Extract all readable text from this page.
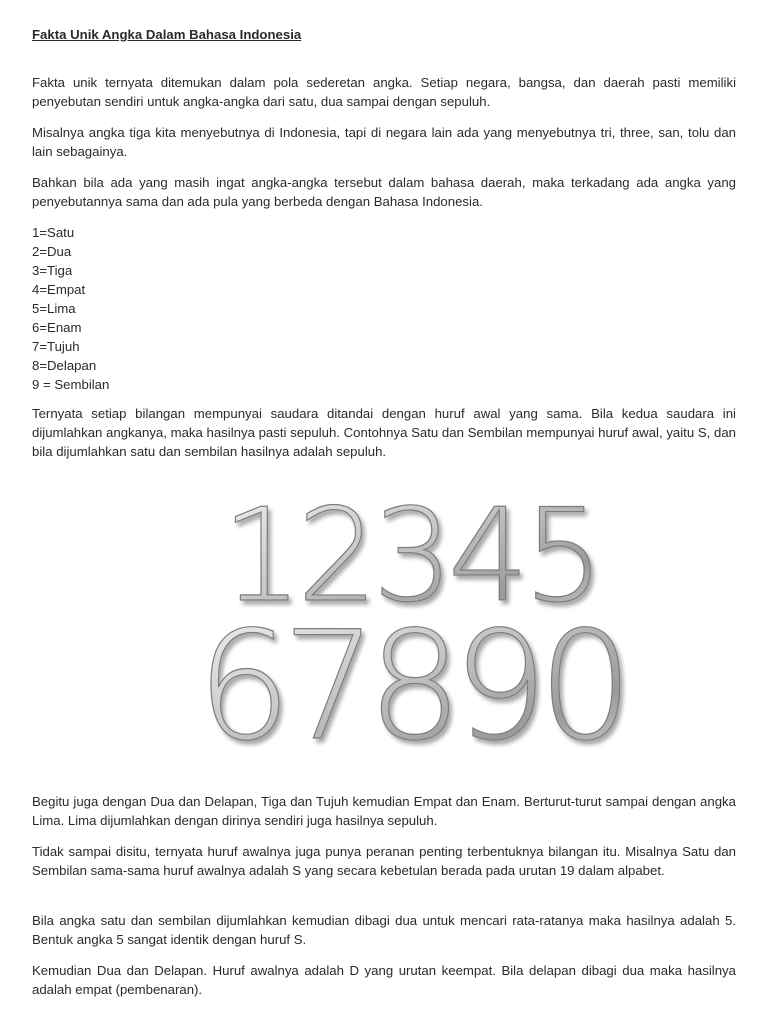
Fakta Unik Angka Dalam Bahasa Indonesia

Fakta unik ternyata ditemukan dalam pola sederetan angka. Setiap negara, bangsa, dan daerah pasti memiliki penyebutan sendiri untuk angka-angka dari satu, dua sampai dengan sepuluh.

Misalnya angka tiga kita menyebutnya di Indonesia, tapi di negara lain ada yang menyebutnya tri, three, san, tolu dan lain sebagainya.

Bahkan bila ada yang masih ingat angka-angka tersebut dalam bahasa daerah, maka terkadang ada angka yang penyebutannya sama dan ada pula yang berbeda dengan Bahasa Indonesia.

1=Satu
2=Dua
3=Tiga
4=Empat
5=Lima
6=Enam
7=Tujuh
8=Delapan
9 = Sembilan

Ternyata setiap bilangan mempunyai saudara ditandai dengan huruf awal yang sama. Bila kedua saudara ini dijumlahkan angkanya, maka hasilnya pasti sepuluh. Contohnya Satu dan Sembilan mempunyai huruf awal, yaitu S, dan bila dijumlahkan satu dan sembilan hasilnya adalah sepuluh.

12345
67890

Begitu juga dengan Dua dan Delapan, Tiga dan Tujuh kemudian Empat dan Enam. Berturut-turut sampai dengan angka Lima. Lima dijumlahkan dengan dirinya sendiri juga hasilnya sepuluh.

Tidak sampai disitu, ternyata huruf awalnya juga punya peranan penting terbentuknya bilangan itu. Misalnya Satu dan Sembilan sama-sama huruf awalnya adalah S yang secara kebetulan berada pada urutan 19 dalam alpabet.

Bila angka satu dan sembilan dijumlahkan kemudian dibagi dua untuk mencari rata-ratanya maka hasilnya adalah 5. Bentuk angka 5 sangat identik dengan huruf S.

Kemudian Dua dan Delapan. Huruf awalnya adalah D yang urutan keempat. Bila delapan dibagi dua maka hasilnya adalah empat (pembenaran).
